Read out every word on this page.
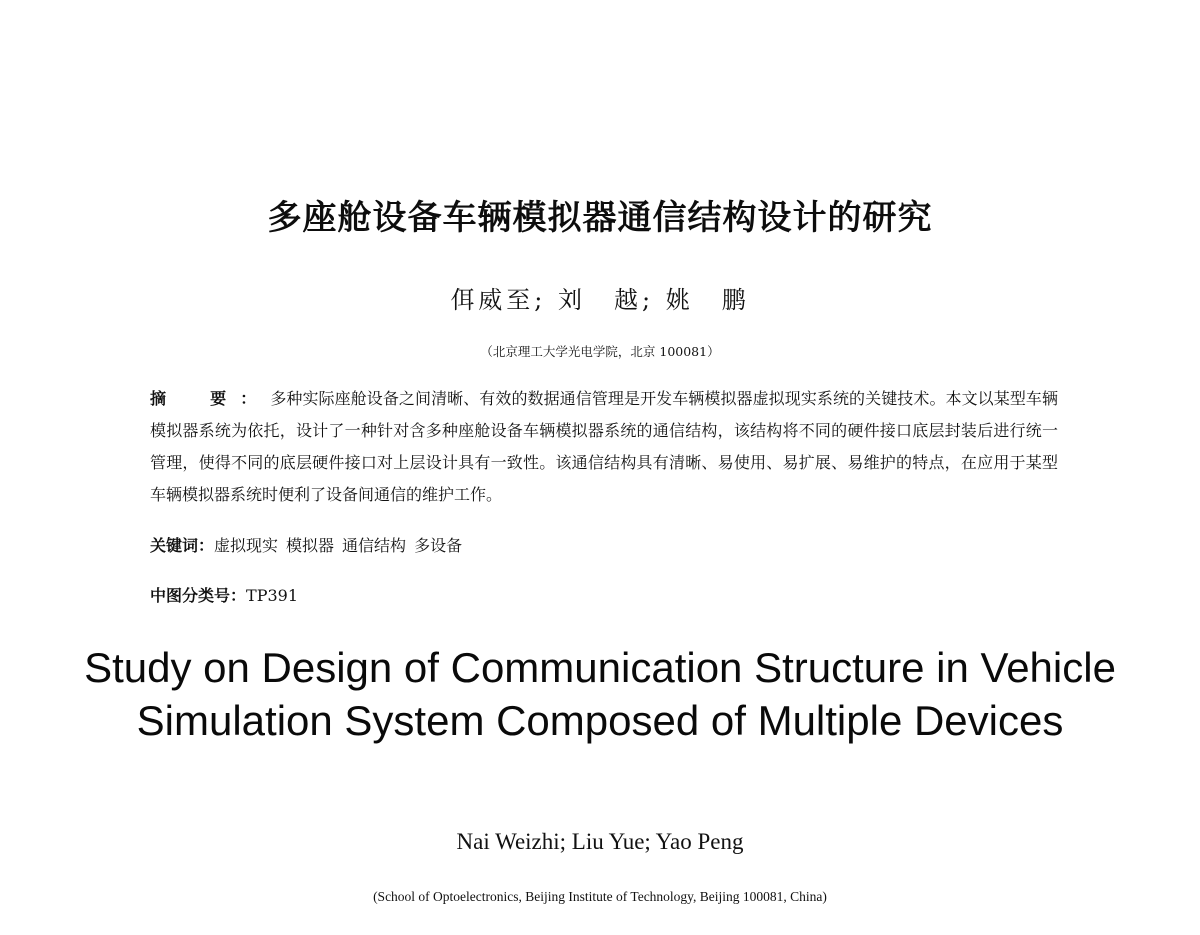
多座舱设备车辆模拟器通信结构设计的研究
佴威至; 刘　越; 姚　鹏
（北京理工大学光电学院，北京 100081）
摘　要：多种实际座舱设备之间清晰、有效的数据通信管理是开发车辆模拟器虚拟现实系统的关键技术。本文以某型车辆模拟器系统为依托，设计了一种针对含多种座舱设备车辆模拟器系统的通信结构，该结构将不同的硬件接口底层封装后进行统一管理，使得不同的底层硬件接口对上层设计具有一致性。该通信结构具有清晰、易使用、易扩展、易维护的特点，在应用于某型车辆模拟器系统时便利了设备间通信的维护工作。
关键词：虚拟现实 模拟器 通信结构 多设备
中图分类号：TP391
Study on Design of Communication Structure in Vehicle Simulation System Composed of Multiple Devices
Nai Weizhi; Liu Yue; Yao Peng
(School of Optoelectronics, Beijing Institute of Technology, Beijing 100081, China)
